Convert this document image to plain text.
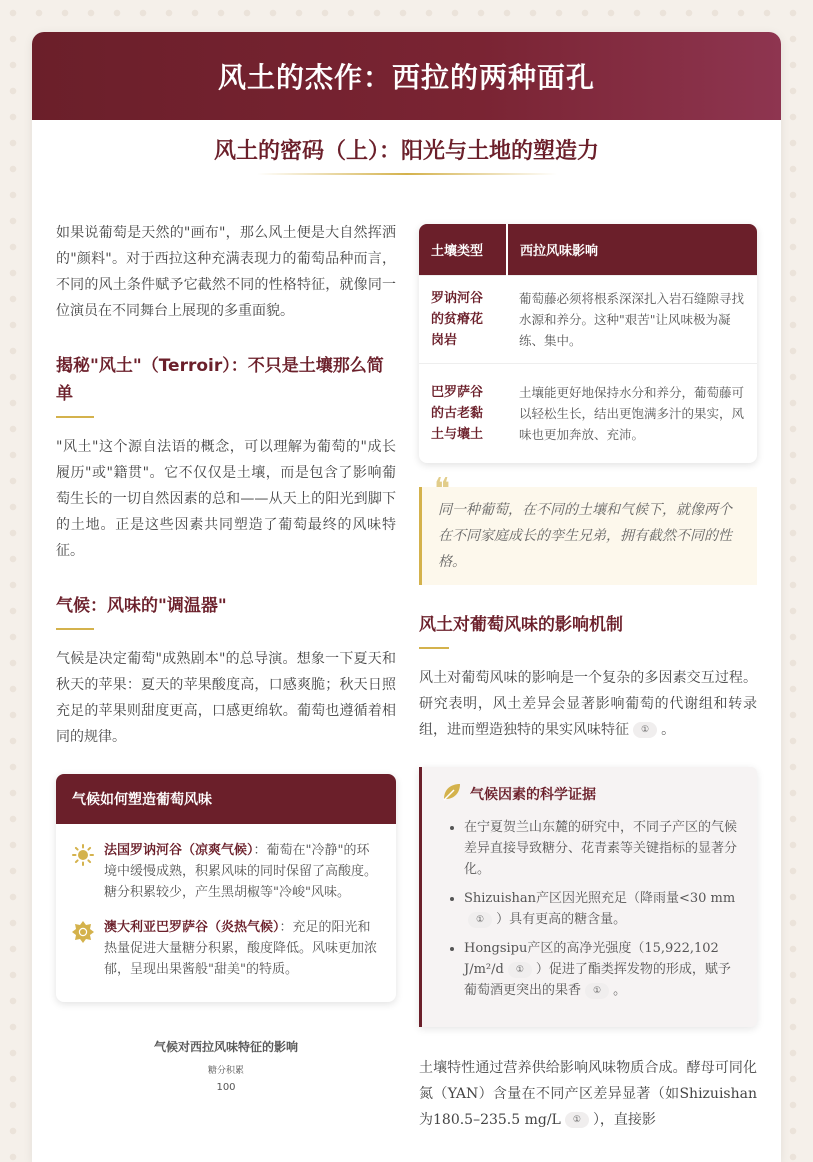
风土的杰作：西拉的两种面孔
风土的密码（上）：阳光与土地的塑造力

如果说葡萄是天然的"画布"，那么风土便是大自然挥洒的"颜料"。对于西拉这种充满表现力的葡萄品种而言，不同的风土条件赋予它截然不同的性格特征，就像同一位演员在不同舞台上展现的多重面貌。

揭秘"风土"（Terroir）：不只是土壤那么简单

"风土"这个源自法语的概念，可以理解为葡萄的"成长履历"或"籍贯"。它不仅仅是土壤，而是包含了影响葡萄生长的一切自然因素的总和——从天上的阳光到脚下的土地。正是这些因素共同塑造了葡萄最终的风味特征。

气候：风味的"调温器"

气候是决定葡萄"成熟剧本"的总导演。想象一下夏天和秋天的苹果：夏天的苹果酸度高，口感爽脆；秋天日照充足的苹果则甜度更高，口感更绵软。葡萄也遵循着相同的规律。

气候如何塑造葡萄风味
法国罗讷河谷（凉爽气候）：葡萄在"冷静"的环境中缓慢成熟，积累风味的同时保留了高酸度。糖分积累较少，产生黑胡椒等"冷峻"风味。
澳大利亚巴罗萨谷（炎热气候）：充足的阳光和热量促进大量糖分积累，酸度降低。风味更加浓郁，呈现出果酱般"甜美"的特质。
气候对西拉风味特征的影响
糖分积累
100
土壤类型	西拉风味影响
罗讷河谷的贫瘠花岗岩	葡萄藤必须将根系深深扎入岩石缝隙寻找水源和养分。这种"艰苦"让风味极为凝练、集中。
巴罗萨谷的古老黏土与壤土	土壤能更好地保持水分和养分，葡萄藤可以轻松生长，结出更饱满多汁的果实，风味也更加奔放、充沛。
❝
同一种葡萄，在不同的土壤和气候下，就像两个在不同家庭成长的孪生兄弟，拥有截然不同的性格。
风土对葡萄风味的影响机制

风土对葡萄风味的影响是一个复杂的多因素交互过程。研究表明，风土差异会显著影响葡萄的代谢组和转录组，进而塑造独特的果实风味特征 ① 。

气候因素的科学证据
• 在宁夏贺兰山东麓的研究中，不同子产区的气候差异直接导致糖分、花青素等关键指标的显著分化。
• Shizuishan产区因光照充足（降雨量<30 mm① ）具有更高的糖含量。
• Hongsipu产区的高净光强度（15,922,102 J/m²/d ① ）促进了酯类挥发物的形成，赋予葡萄酒更突出的果香 ① 。

土壤特性通过营养供给影响风味物质合成。酵母可同化氮（YAN）含量在不同产区差异显著（如Shizuishan为180.5–235.5 mg/L ① ），直接影
